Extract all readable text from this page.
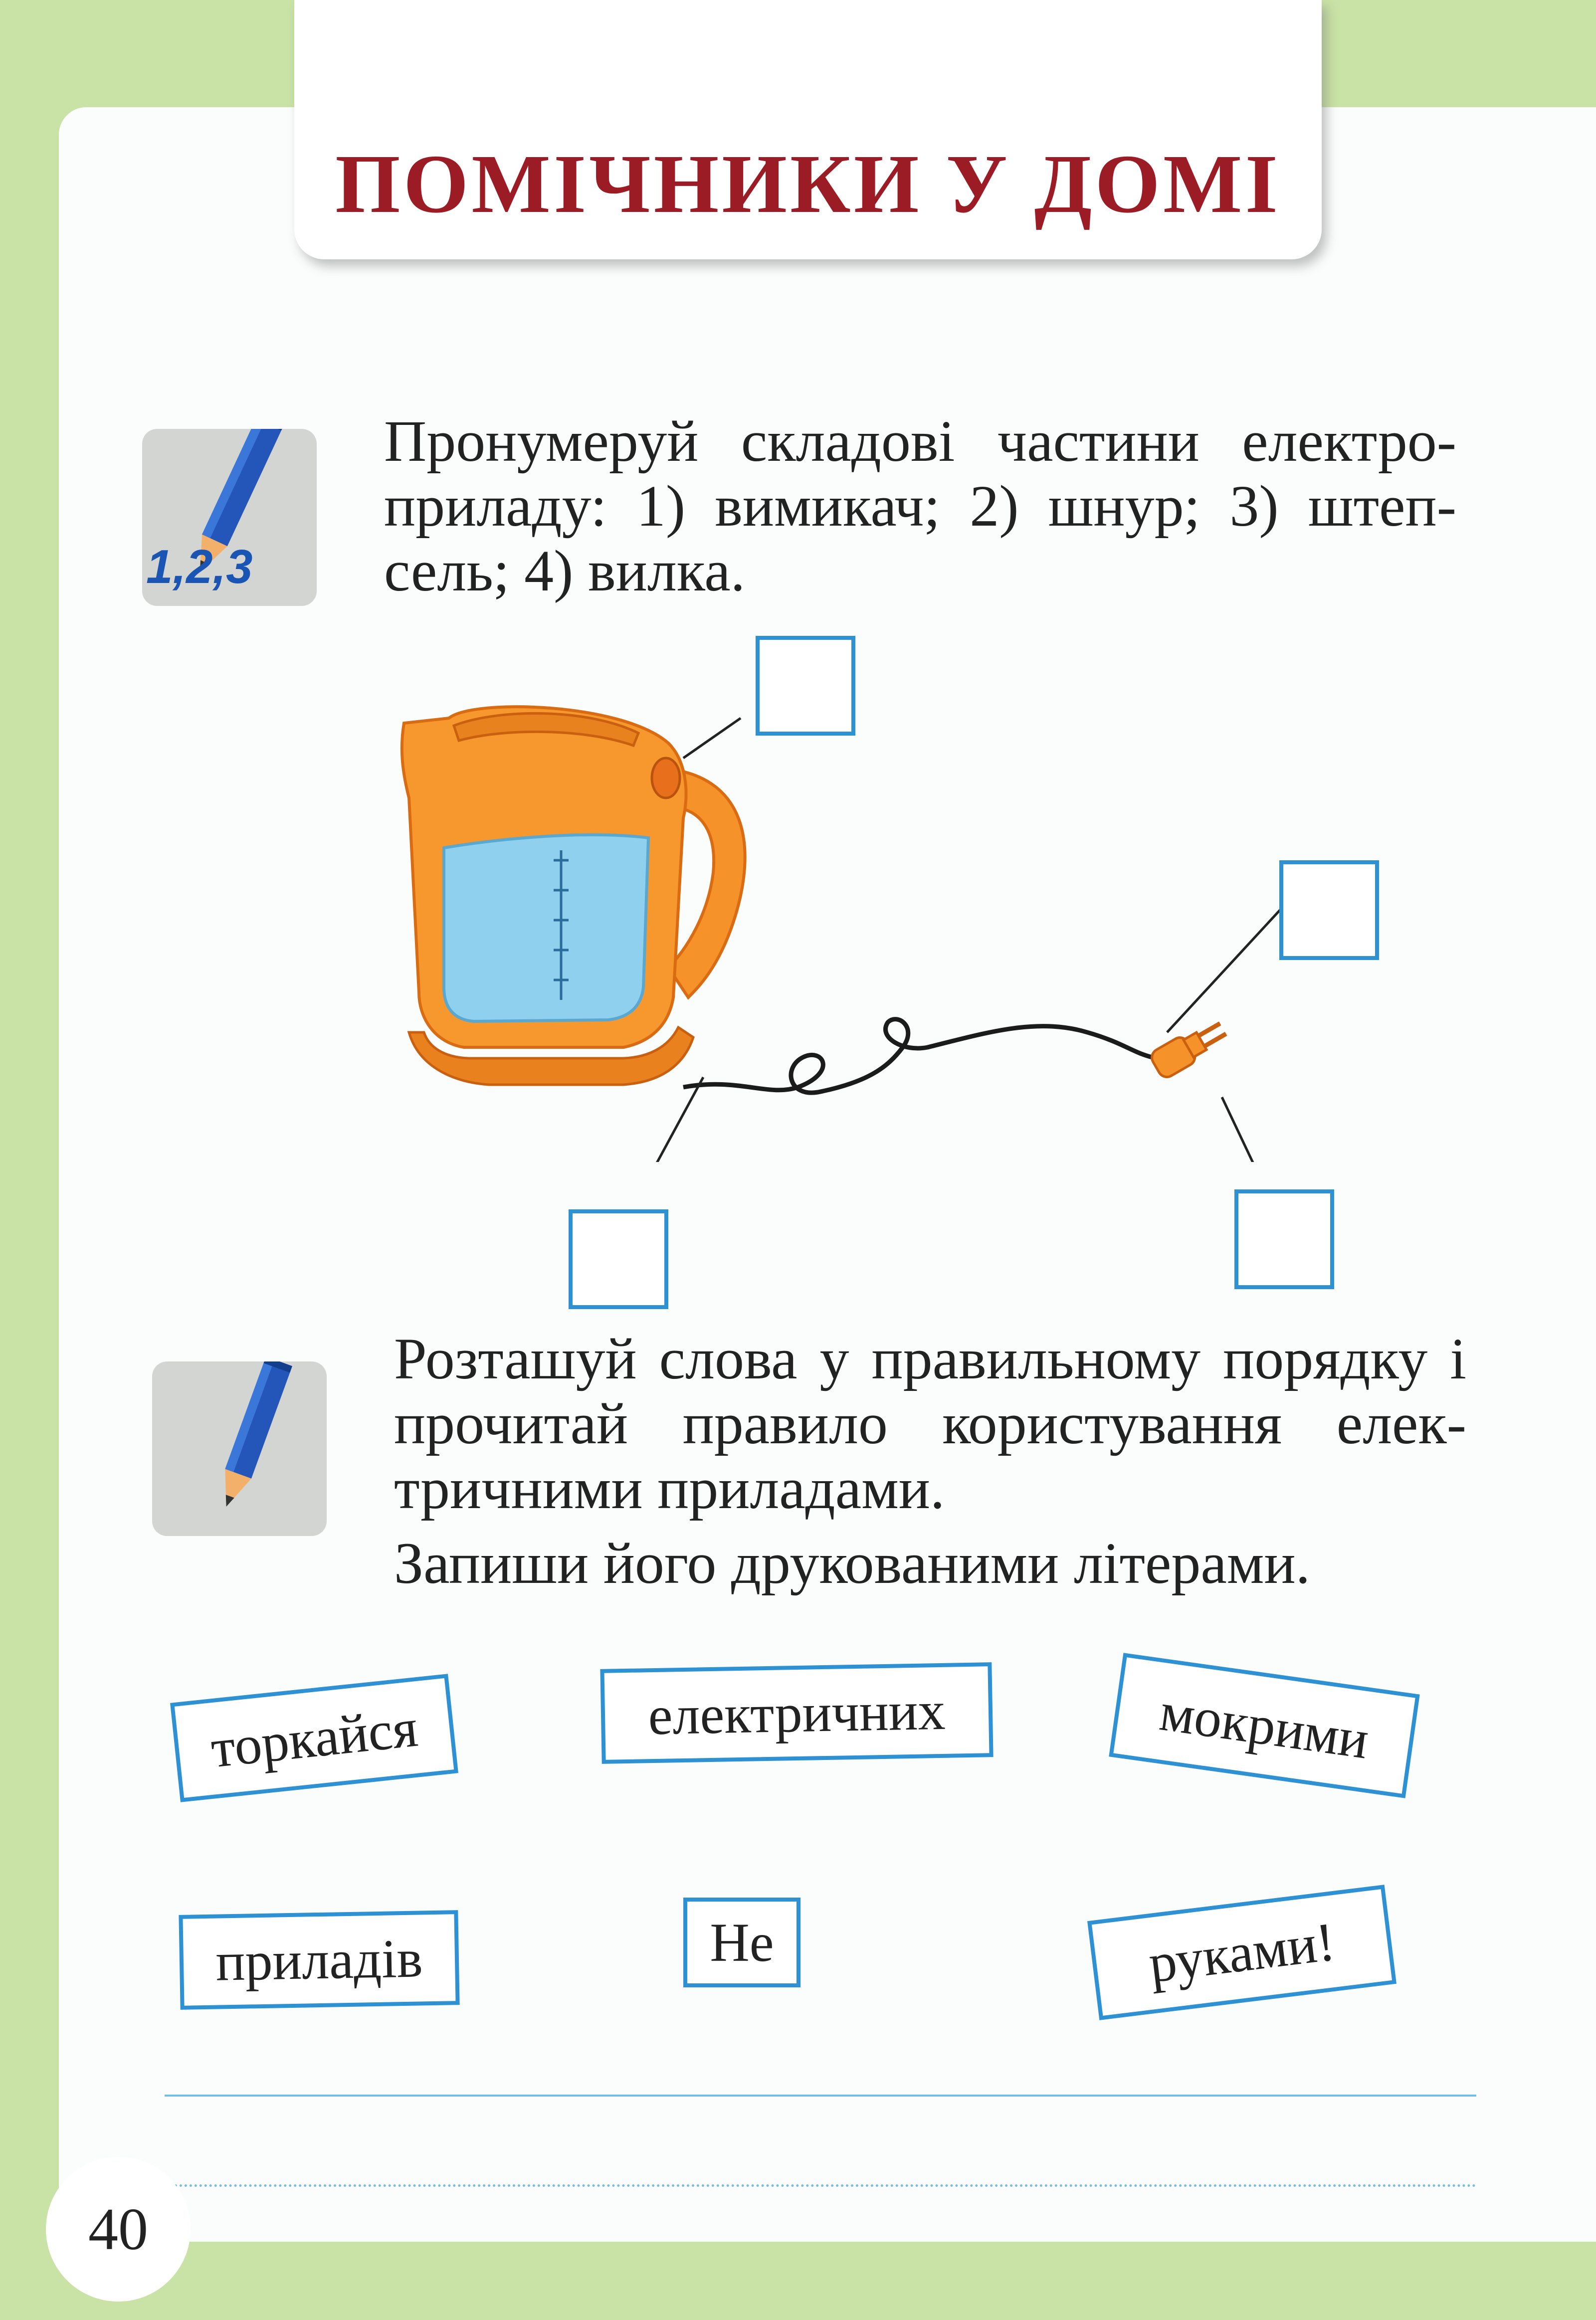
ПОМІЧНИКИ У ДОМІ
1,2,3

Пронумеруй складові частини електроприладу: 1) вимикач; 2) шнур; 3) штепсель; 4) вилка.

Розташуй слова у правильному порядку і прочитай правило користування електричними приладами.

Запиши його друкованими літерами.

торкайся	електричних	мокрими
приладів	Не	руками!
40
